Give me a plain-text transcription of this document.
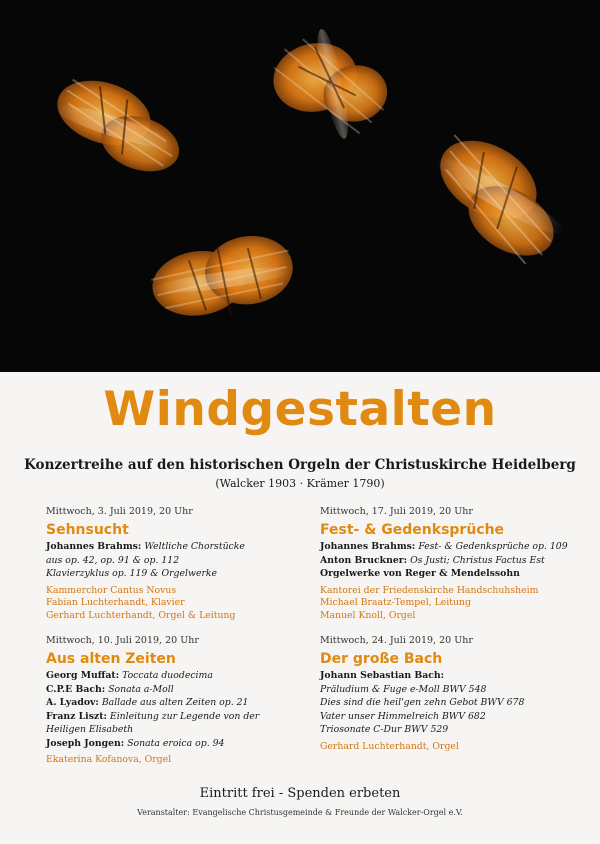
Windgestalten
Konzertreihe auf den historischen Orgeln der Christuskirche Heidelberg
(Walcker 1903 · Krämer 1790)
Mittwoch, 3. Juli 2019, 20 Uhr
Sehnsucht
Johannes Brahms: Weltliche Chorstücke
aus op. 42, op. 91 & op. 112
Klavierzyklus op. 119 & Orgelwerke
Kammerchor Cantus Novus
Fabian Luchterhandt, Klavier
Gerhard Luchterhandt, Orgel & Leitung
Mittwoch, 17. Juli 2019, 20 Uhr
Fest- & Gedenksprüche
Johannes Brahms: Fest- & Gedenksprüche op. 109
Anton Bruckner: Os Justi; Christus Factus Est
Orgelwerke von Reger & Mendelssohn
Kantorei der Friedenskirche Handschuhsheim
Michael Braatz-Tempel, Leitung
Manuel Knoll, Orgel
Mittwoch, 10. Juli 2019, 20 Uhr
Aus alten Zeiten
Georg Muffat: Toccata duodecima
C.P.E Bach: Sonata a-Moll
A. Lyadov: Ballade aus alten Zeiten op. 21
Franz Liszt: Einleitung zur Legende von der
Heiligen Elisabeth
Joseph Jongen: Sonata eroica op. 94
Ekaterina Kofanova, Orgel
Mittwoch, 24. Juli 2019, 20 Uhr
Der große Bach
Johann Sebastian Bach:
Präludium & Fuge e-Moll BWV 548
Dies sind die heil'gen zehn Gebot BWV 678
Vater unser Himmelreich BWV 682
Triosonate C-Dur BWV 529
Gerhard Luchterhandt, Orgel
Eintritt frei - Spenden erbeten
Veranstalter: Evangelische Christusgemeinde & Freunde der Walcker-Orgel e.V.
